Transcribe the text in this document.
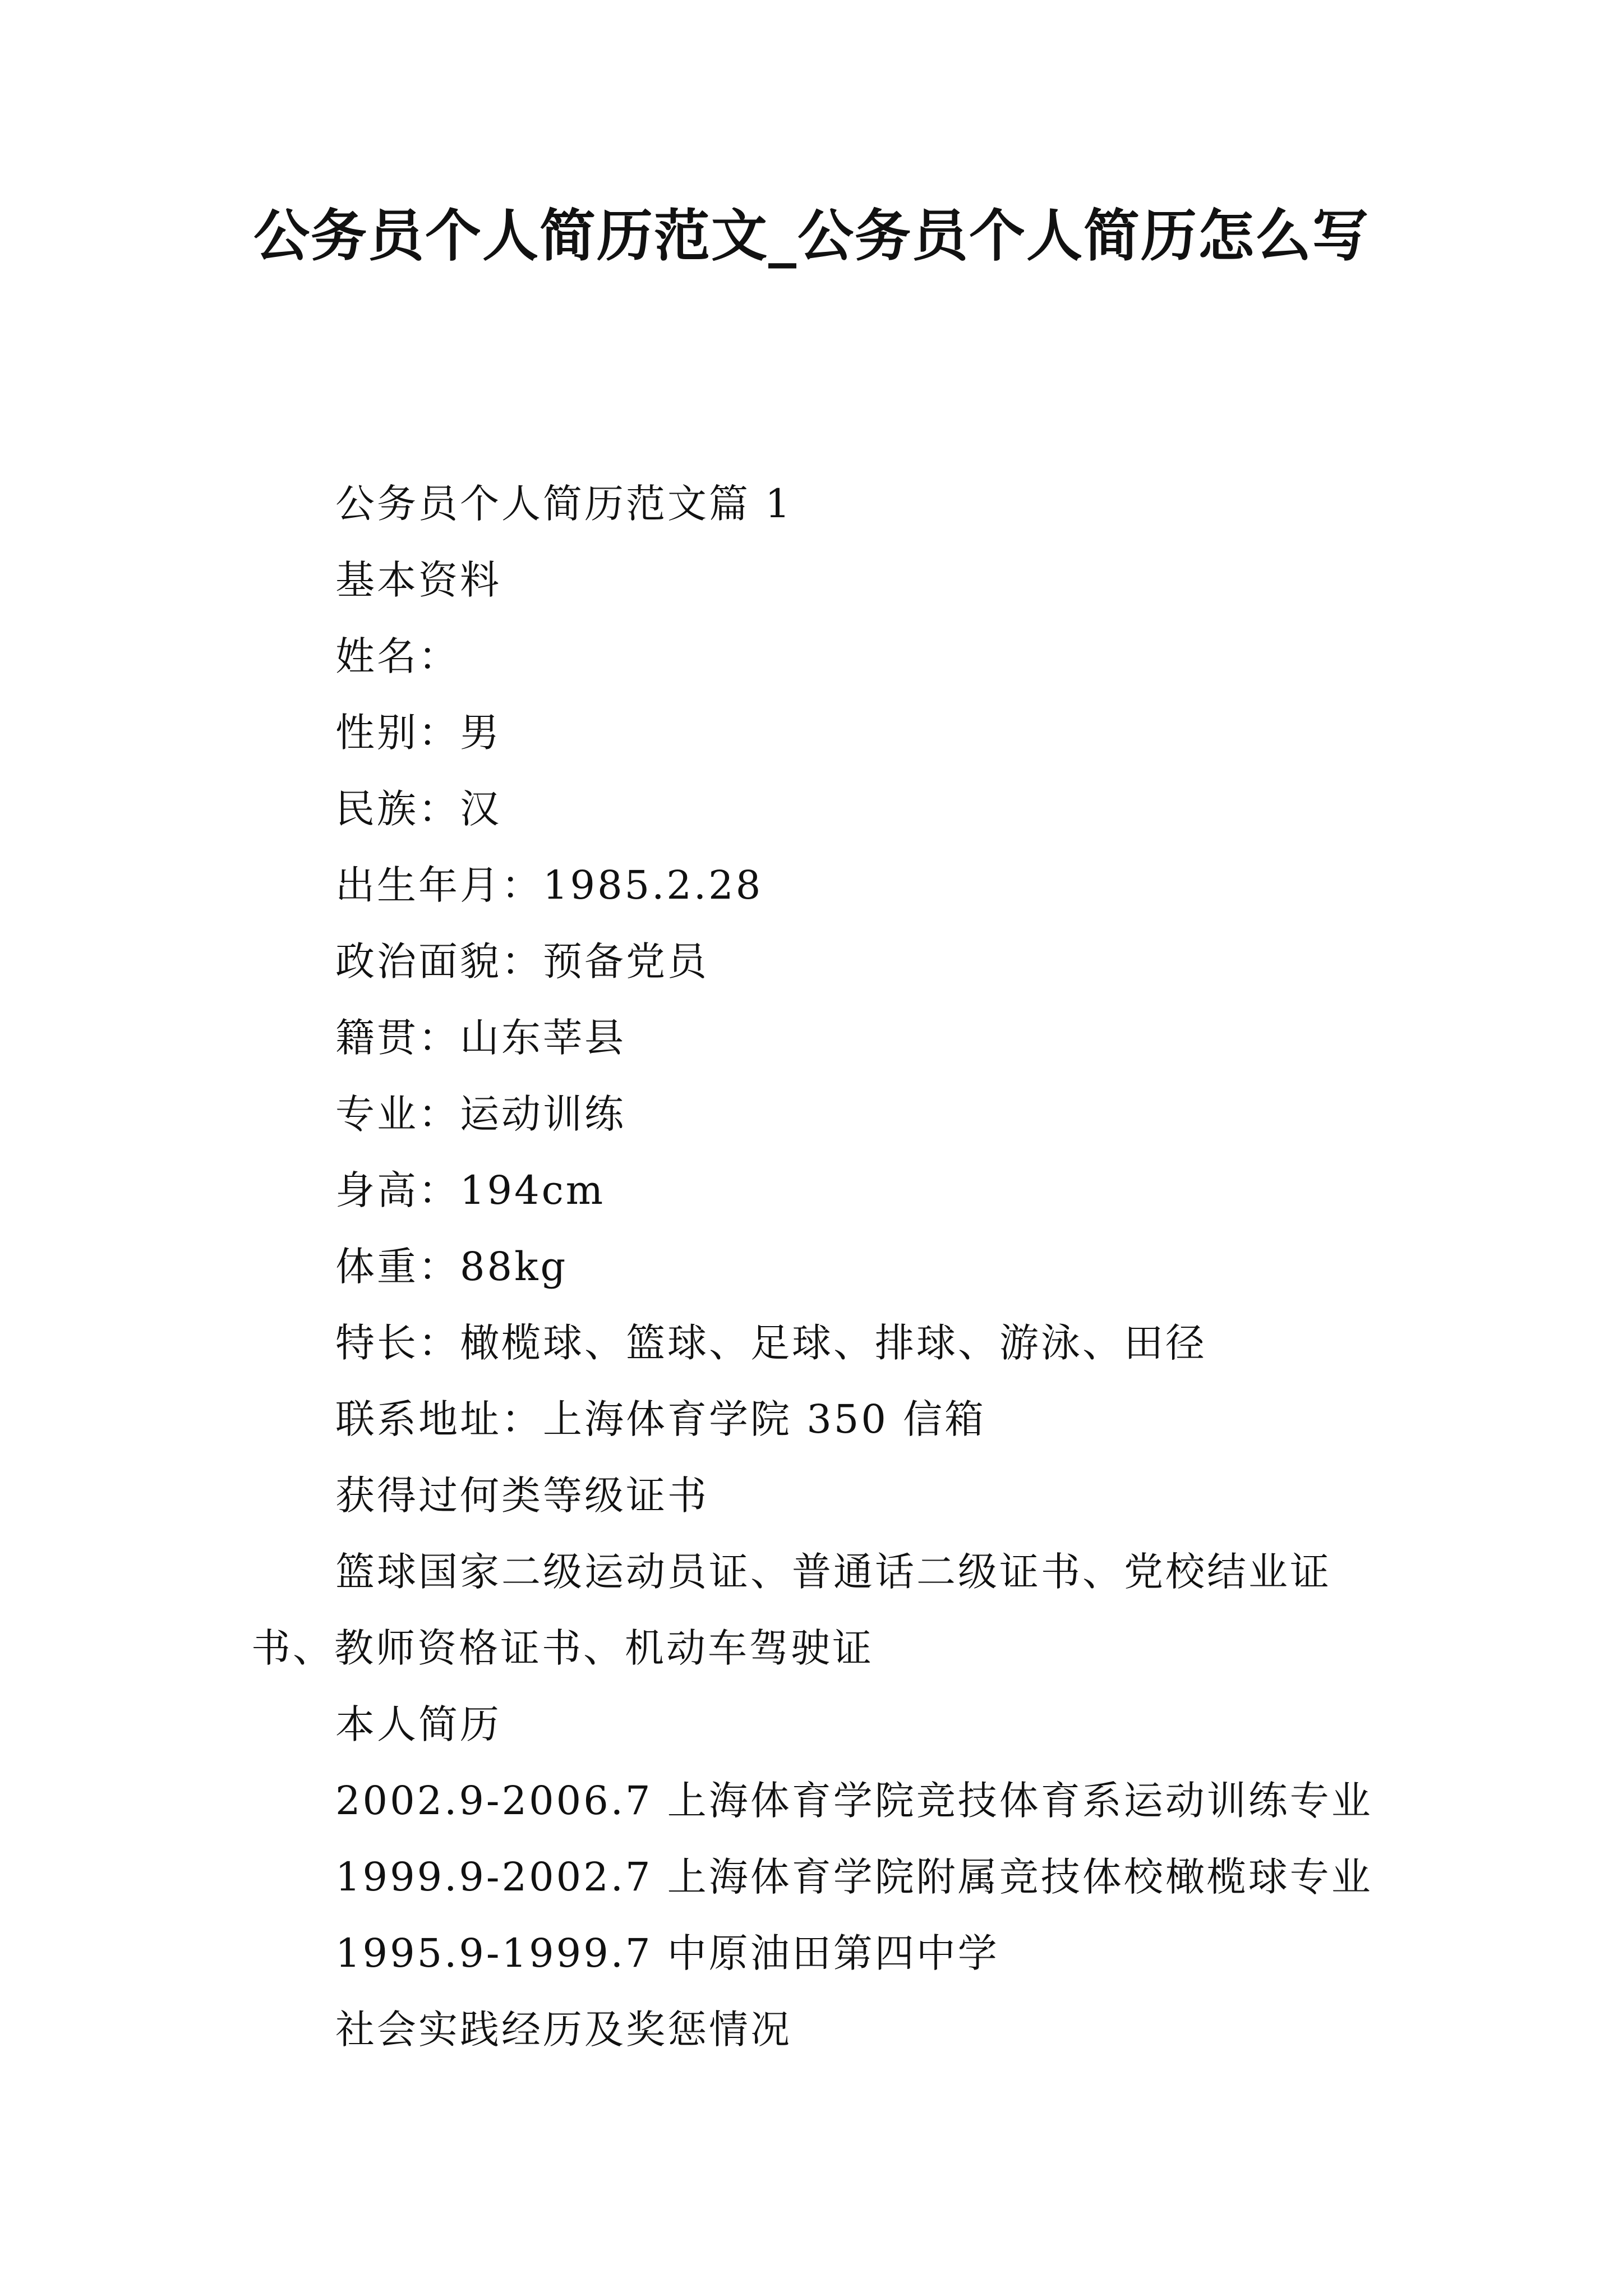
公务员个人简历范文_公务员个人简历怎么写
公务员个人简历范文篇 1
基本资料
姓名：
性别：男
民族：汉
出生年月：1985.2.28
政治面貌：预备党员
籍贯：山东莘县
专业：运动训练
身高：194cm
体重：88kg
特长：橄榄球、篮球、足球、排球、游泳、田径
联系地址：上海体育学院 350 信箱
获得过何类等级证书

篮球国家二级运动员证、普通话二级证书、党校结业证书、教师资格证书、机动车驾驶证

本人简历
2002.9-2006.7 上海体育学院竞技体育系运动训练专业
1999.9-2002.7 上海体育学院附属竞技体校橄榄球专业
1995.9-1999.7 中原油田第四中学
社会实践经历及奖惩情况
